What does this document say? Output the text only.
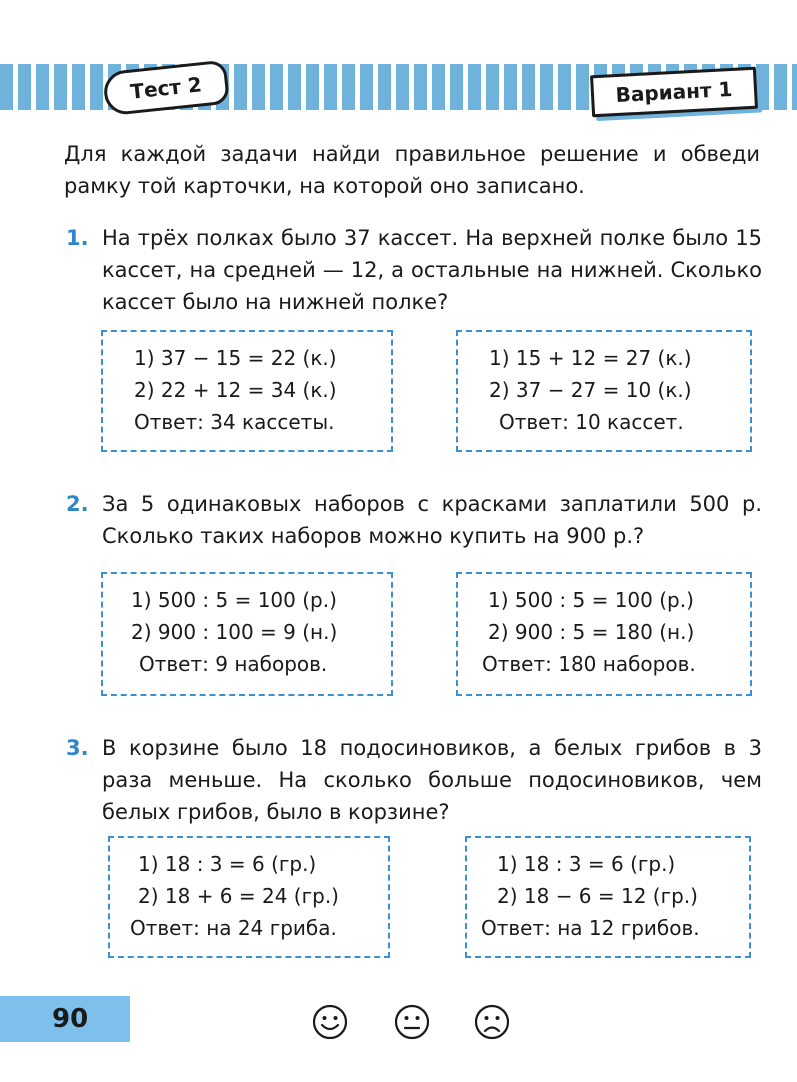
Тест 2	Вариант 1
Для каждой задачи найди правильное решение и обведи рамку той карточки, на которой оно записано.
1. На трёх полках было 37 кассет. На верхней полке было 15 кассет, на средней — 12, а остальные на нижней. Сколько кассет было на нижней полке?
1) 37 − 15 = 22 (к.)
2) 22 + 12 = 34 (к.)
Ответ: 34 кассеты.
1) 15 + 12 = 27 (к.)
2) 37 − 27 = 10 (к.)
Ответ: 10 кассет.
2. За 5 одинаковых наборов с красками заплатили 500 р. Сколько таких наборов можно купить на 900 р.?
1) 500 : 5 = 100 (р.)
2) 900 : 100 = 9 (н.)
Ответ: 9 наборов.
1) 500 : 5 = 100 (р.)
2) 900 : 5 = 180 (н.)
Ответ: 180 наборов.
3. В корзине было 18 подосиновиков, а белых грибов в 3 раза меньше. На сколько больше подосиновиков, чем белых грибов, было в корзине?
1) 18 : 3 = 6 (гр.)
2) 18 + 6 = 24 (гр.)
Ответ: на 24 гриба.
1) 18 : 3 = 6 (гр.)
2) 18 − 6 = 12 (гр.)
Ответ: на 12 грибов.
90
